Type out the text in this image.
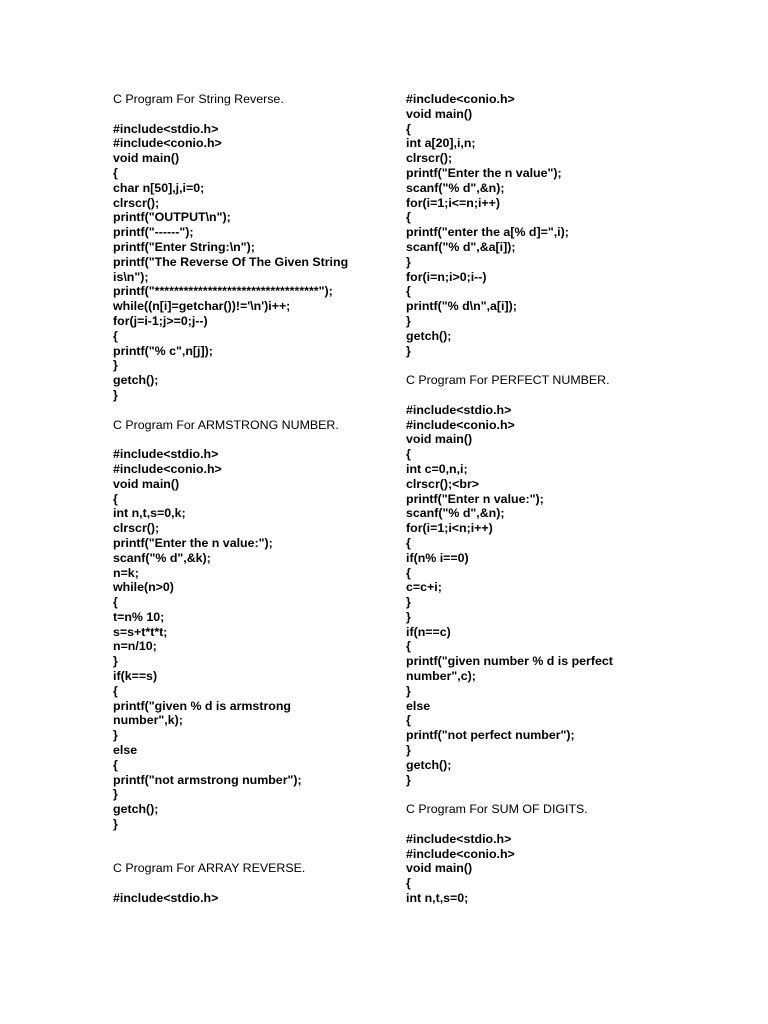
C Program For String Reverse.
#include<stdio.h>
#include<conio.h>
void main()
{
char n[50],j,i=0;
clrscr();
printf("OUTPUT\n");
printf("------");
printf("Enter String:\n");
printf("The Reverse Of The Given String
is\n");
printf("**********************************");
while((n[i]=getchar())!='\n')i++;
for(j=i-1;j>=0;j--)
{
printf("% c",n[j]);
}
getch();
}
C Program For ARMSTRONG NUMBER.
#include<stdio.h>
#include<conio.h>
void main()
{
int n,t,s=0,k;
clrscr();
printf("Enter the n value:");
scanf("% d",&k);
n=k;
while(n>0)
{
t=n% 10;
s=s+t*t*t;
n=n/10;
}
if(k==s)
{
printf("given % d is armstrong
number",k);
}
else
{
printf("not armstrong number");
}
getch();
}
C Program For ARRAY REVERSE.
#include<stdio.h>
#include<conio.h>
void main()
{
int a[20],i,n;
clrscr();
printf("Enter the n value");
scanf("% d",&n);
for(i=1;i<=n;i++)
{
printf("enter the a[% d]=",i);
scanf("% d",&a[i]);
}
for(i=n;i>0;i--)
{
printf("% d\n",a[i]);
}
getch();
}
C Program For PERFECT NUMBER.
#include<stdio.h>
#include<conio.h>
void main()
{
int c=0,n,i;
clrscr();<br>
printf("Enter n value:");
scanf("% d",&n);
for(i=1;i<n;i++)
{
if(n% i==0)
{
c=c+i;
}
}
if(n==c)
{
printf("given number % d is perfect
number",c);
}
else
{
printf("not perfect number");
}
getch();
}
C Program For SUM OF DIGITS.
#include<stdio.h>
#include<conio.h>
void main()
{
int n,t,s=0;
